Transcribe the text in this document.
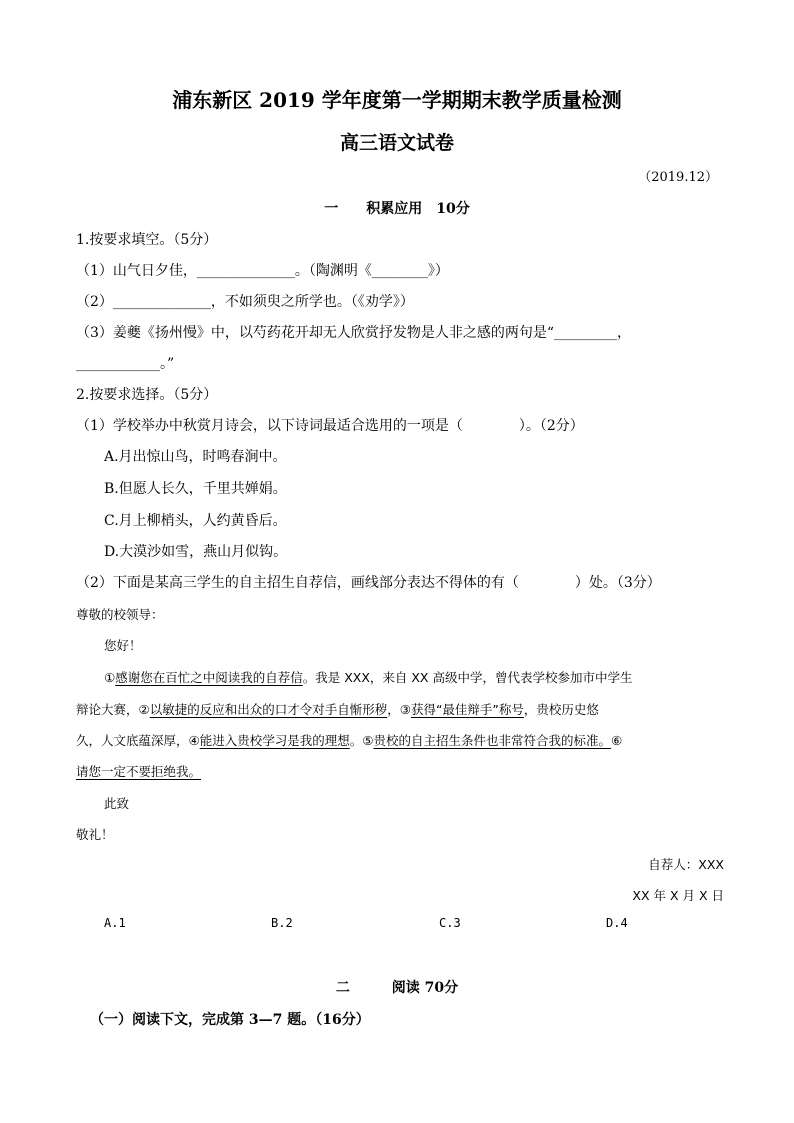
浦东新区 2019 学年度第一学期期末教学质量检测
高三语文试卷
（2019.12）
一　　积累应用　10分
1.按要求填空。（5分）
（1）山气日夕佳，______________。（陶渊明《________》）
（2）______________，不如须臾之所学也。（《劝学》）
（3）姜夔《扬州慢》中，以芍药花开却无人欣赏抒发物是人非之感的两句是“_________，
____________。”
2.按要求选择。（5分）
（1）学校举办中秋赏月诗会，以下诗词最适合选用的一项是（　　　　）。（2分）
A.月出惊山鸟，时鸣春涧中。
B.但愿人长久，千里共婵娟。
C.月上柳梢头，人约黄昏后。
D.大漠沙如雪，燕山月似钩。
（2）下面是某高三学生的自主招生自荐信，画线部分表达不得体的有（　　　　）处。（3分）
尊敬的校领导：
您好！
①感谢您在百忙之中阅读我的自荐信。我是 XXX，来自 XX 高级中学，曾代表学校参加市中学生
辩论大赛，②以敏捷的反应和出众的口才令对手自惭形秽，③获得“最佳辩手”称号，贵校历史悠
久，人文底蕴深厚，④能进入贵校学习是我的理想。⑤贵校的自主招生条件也非常符合我的标准。⑥
请您一定不要拒绝我。
此致
敬礼！
自荐人：XXX
XX 年 X 月 X 日
A.1	B.2	C.3	D.4
二　　　阅读 70分
（一）阅读下文，完成第 3—7 题。（16分）
